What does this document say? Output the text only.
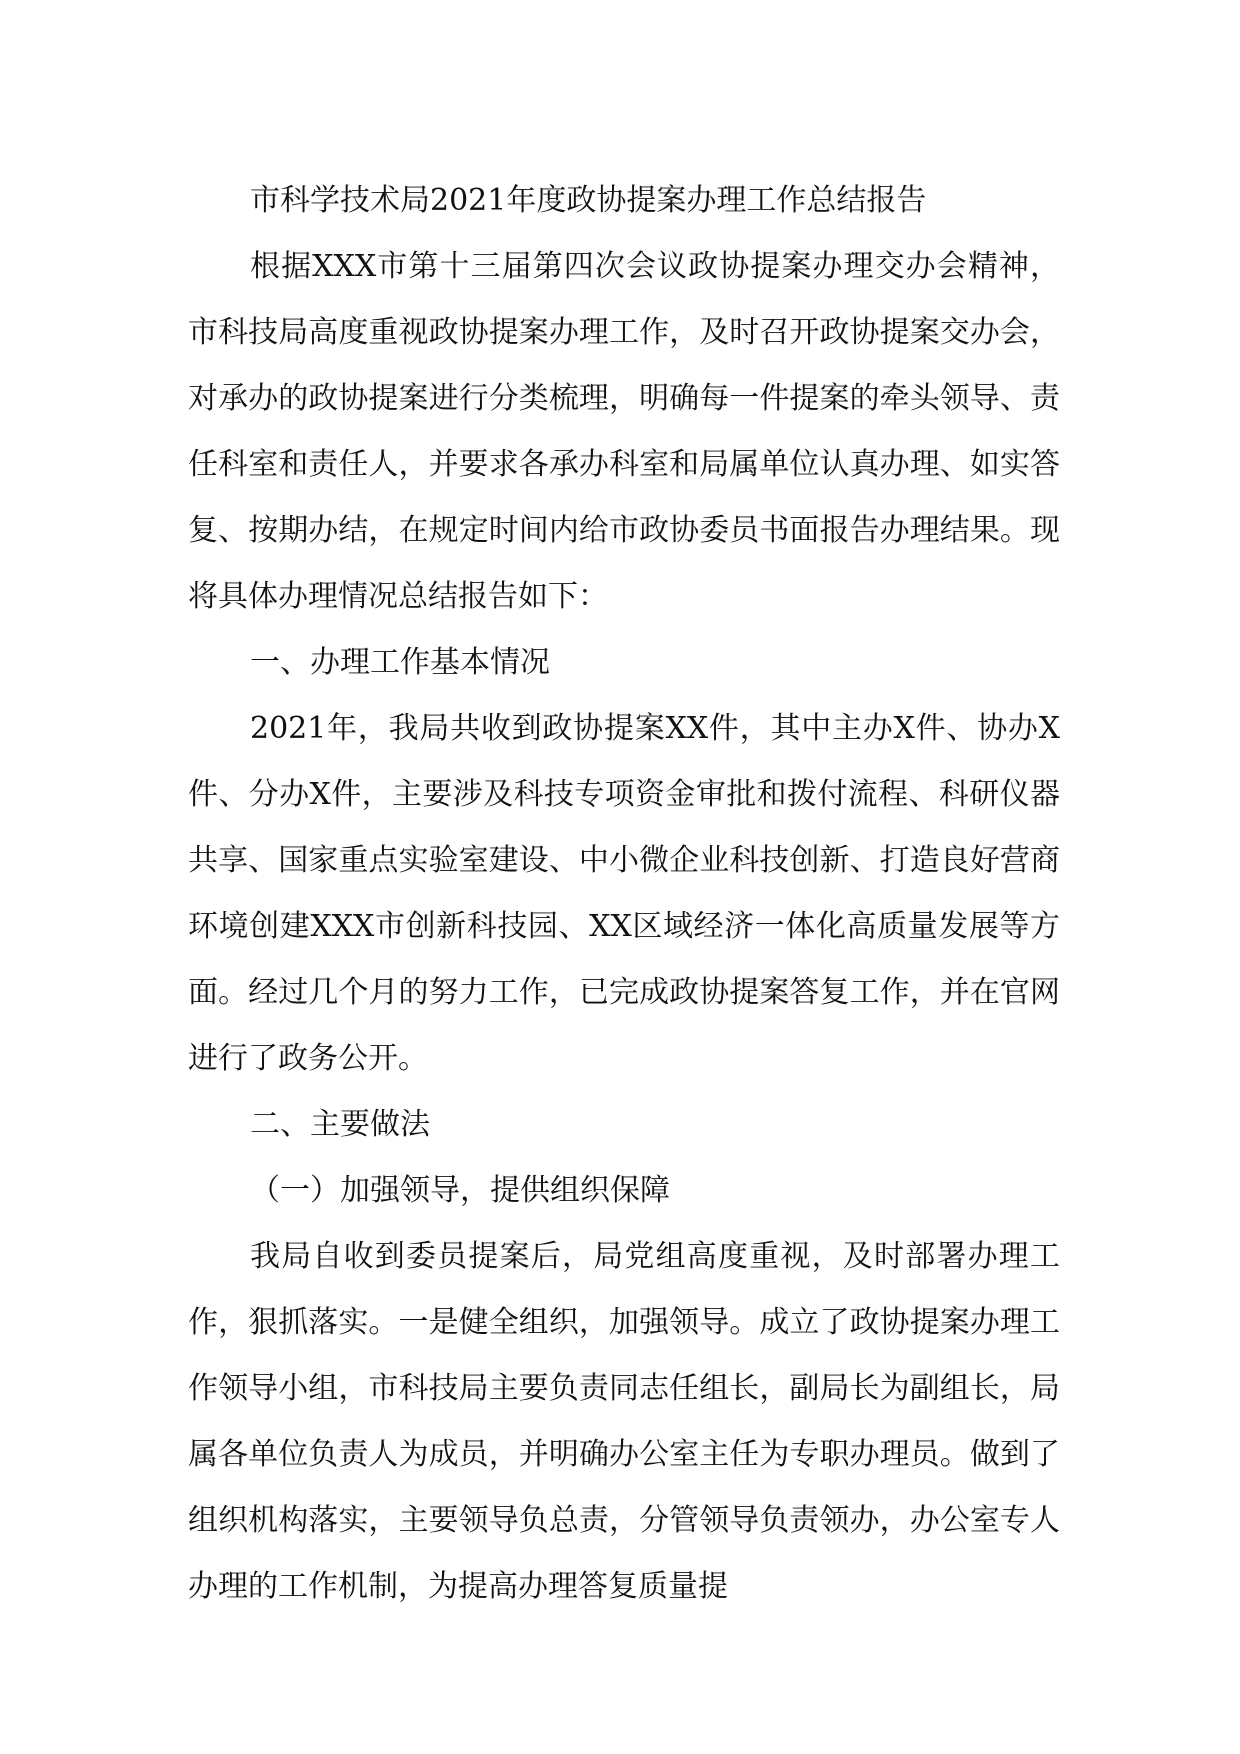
市科学技术局2021年度政协提案办理工作总结报告

根据XXX市第十三届第四次会议政协提案办理交办会精神，市科技局高度重视政协提案办理工作，及时召开政协提案交办会，对承办的政协提案进行分类梳理，明确每一件提案的牵头领导、责任科室和责任人，并要求各承办科室和局属单位认真办理、如实答复、按期办结，在规定时间内给市政协委员书面报告办理结果。现将具体办理情况总结报告如下：

一、办理工作基本情况

2021年，我局共收到政协提案XX件，其中主办X件、协办X件、分办X件，主要涉及科技专项资金审批和拨付流程、科研仪器共享、国家重点实验室建设、中小微企业科技创新、打造良好营商环境创建XXX市创新科技园、XX区域经济一体化高质量发展等方面。经过几个月的努力工作，已完成政协提案答复工作，并在官网进行了政务公开。

二、主要做法

（一）加强领导，提供组织保障

我局自收到委员提案后，局党组高度重视，及时部署办理工作，狠抓落实。一是健全组织，加强领导。成立了政协提案办理工作领导小组，市科技局主要负责同志任组长，副局长为副组长，局属各单位负责人为成员，并明确办公室主任为专职办理员。做到了组织机构落实，主要领导负总责，分管领导负责领办，办公室专人办理的工作机制，为提高办理答复质量提
